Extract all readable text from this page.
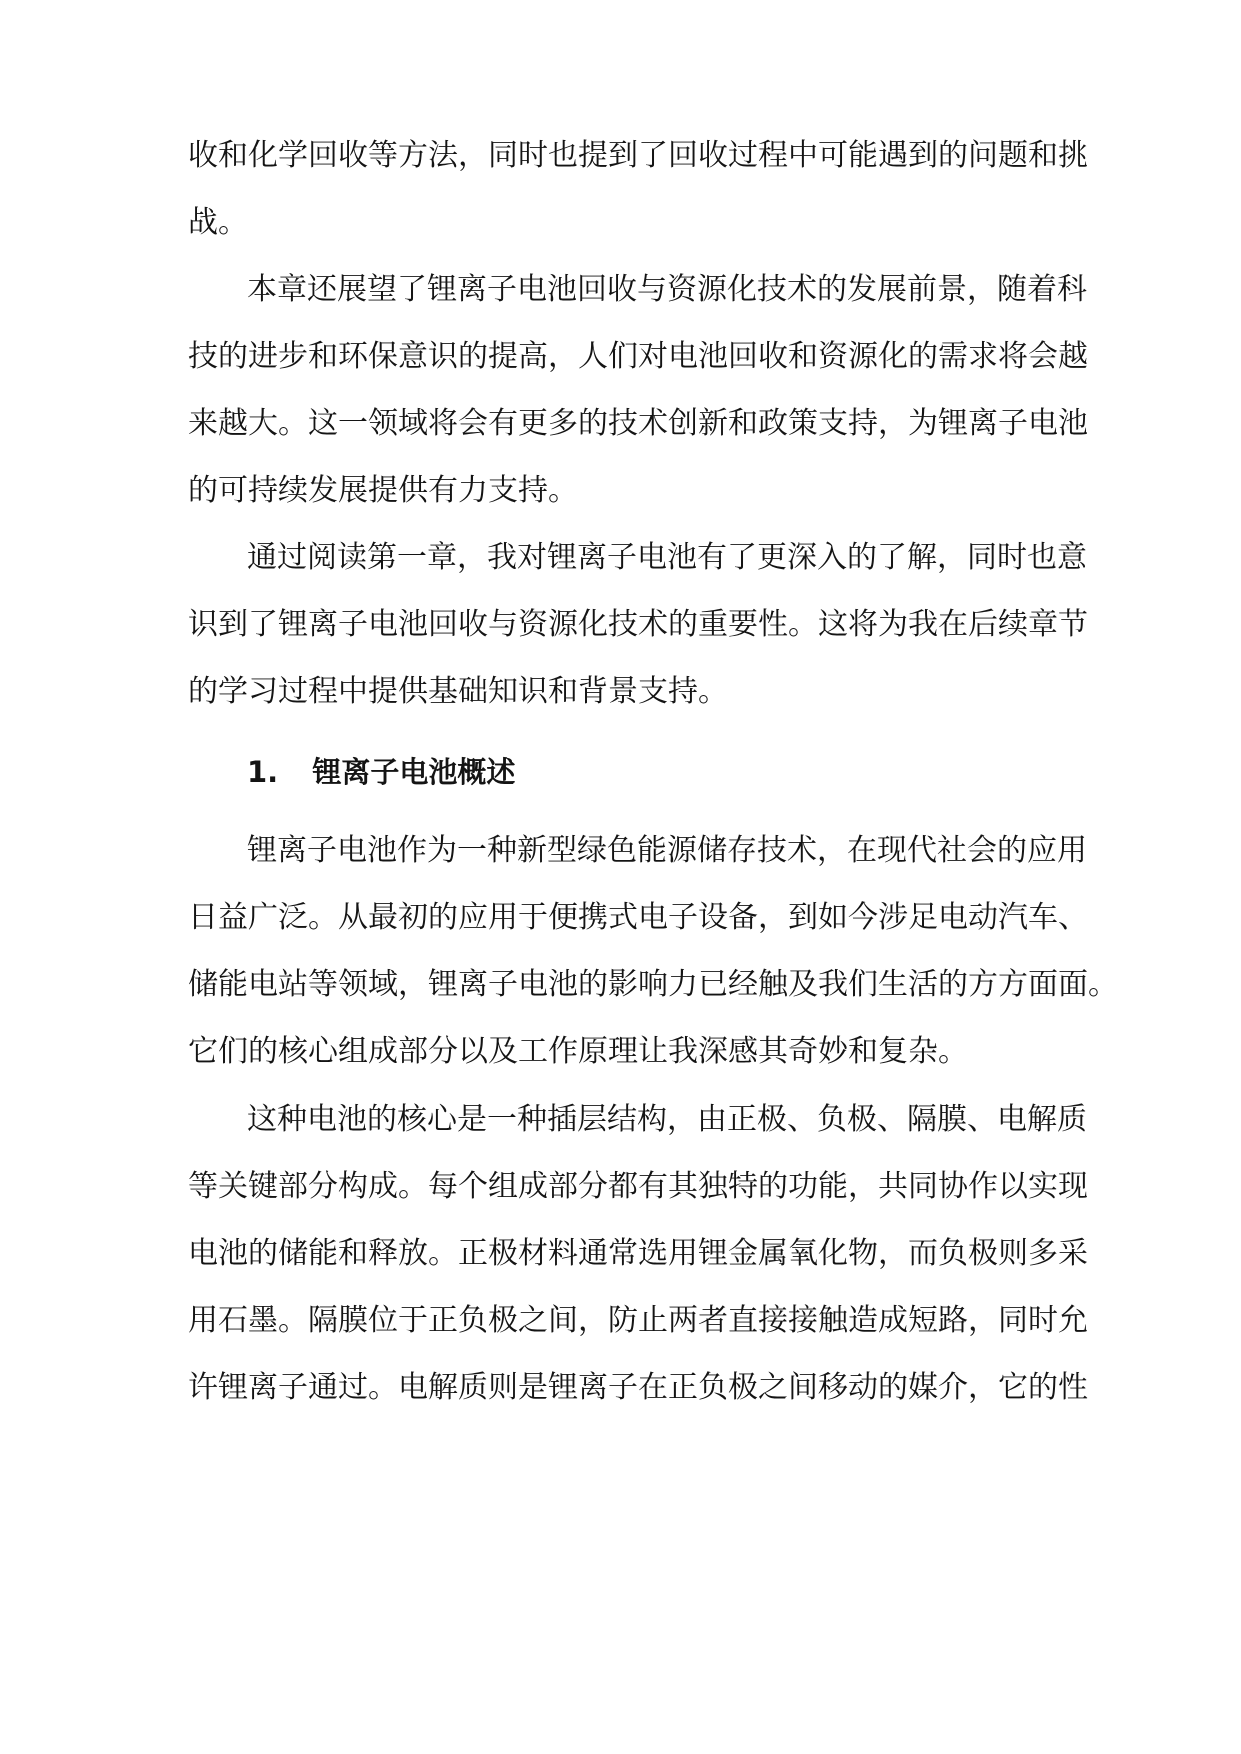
收和化学回收等方法，同时也提到了回收过程中可能遇到的问题和挑
战。
本章还展望了锂离子电池回收与资源化技术的发展前景，随着科
技的进步和环保意识的提高，人们对电池回收和资源化的需求将会越
来越大。这一领域将会有更多的技术创新和政策支持，为锂离子电池
的可持续发展提供有力支持。
通过阅读第一章，我对锂离子电池有了更深入的了解，同时也意
识到了锂离子电池回收与资源化技术的重要性。这将为我在后续章节
的学习过程中提供基础知识和背景支持。
1. 锂离子电池概述
锂离子电池作为一种新型绿色能源储存技术，在现代社会的应用
日益广泛。从最初的应用于便携式电子设备，到如今涉足电动汽车、
储能电站等领域，锂离子电池的影响力已经触及我们生活的方方面面。
它们的核心组成部分以及工作原理让我深感其奇妙和复杂。
这种电池的核心是一种插层结构，由正极、负极、隔膜、电解质
等关键部分构成。每个组成部分都有其独特的功能，共同协作以实现
电池的储能和释放。正极材料通常选用锂金属氧化物，而负极则多采
用石墨。隔膜位于正负极之间，防止两者直接接触造成短路，同时允
许锂离子通过。电解质则是锂离子在正负极之间移动的媒介，它的性
